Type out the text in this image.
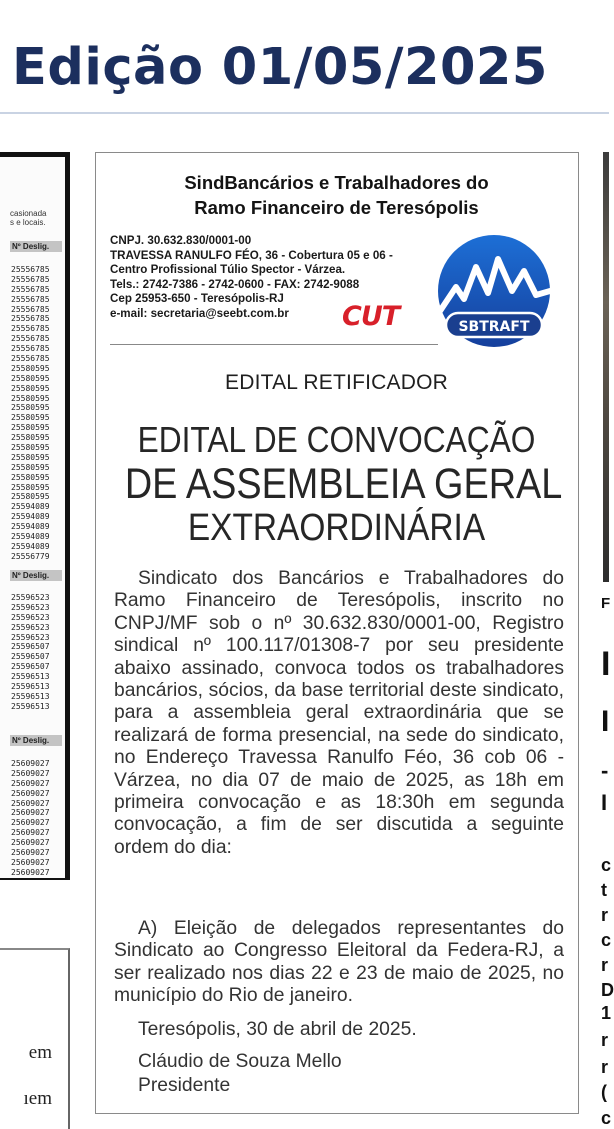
Edição 01/05/2025
casionada
s e locais.
Nº Deslig.
25556785
25556785
25556785
25556785
25556785
25556785
25556785
25556785
25556785
25556785
25580595
25580595
25580595
25580595
25580595
25580595
25580595
25580595
25580595
25580595
25580595
25580595
25580595
25580595
25594089
25594089
25594089
25594089
25594089
25556779
Nº Deslig.
25596523
25596523
25596523
25596523
25596523
25596507
25596507
25596507
25596513
25596513
25596513
25596513
Nº Deslig.
25609027
25609027
25609027
25609027
25609027
25609027
25609027
25609027
25609027
25609027
25609027
25609027
em
ıem
F
I
I
-
I
c
t
r
c
r
D
1
r
r
(
c
SindBancários e Trabalhadores do
Ramo Financeiro de Teresópolis
CNPJ. 30.632.830/0001-00
TRAVESSA RANULFO FÉO, 36 - Cobertura 05 e 06 -
Centro Profissional Túlio Spector - Várzea.
Tels.: 2742-7386 - 2742-0600 - FAX: 2742-9088
Cep 25953-650 - Teresópolis-RJ
e-mail: secretaria@seebt.com.br	CUT	SBTRAFT
EDITAL RETIFICADOR
EDITAL DE CONVOCAÇÃO
DE ASSEMBLEIA GERAL
EXTRAORDINÁRIA
Sindicato dos Bancários e Trabalhadores do Ramo Financeiro de Teresópolis, inscrito no CNPJ/MF sob o nº 30.632.830/0001-00, Registro sindical nº 100.117/01308-7 por seu presidente abaixo assinado, convoca todos os trabalhadores bancários, sócios, da base territorial deste sindicato, para a assembleia geral extraordinária que se realizará de forma presencial, na sede do sindicato, no Endereço Travessa Ranulfo Féo, 36 cob 06 - Várzea, no dia 07 de maio de 2025, as 18h em primeira convocação e as 18:30h em segunda convocação, a fim de ser discutida a seguinte ordem do dia:
A) Eleição de delegados representantes do Sindicato ao Congresso Eleitoral da Federa-RJ, a ser realizado nos dias 22 e 23 de maio de 2025, no município do Rio de janeiro.
Teresópolis, 30 de abril de 2025.
Cláudio de Souza Mello
Presidente
